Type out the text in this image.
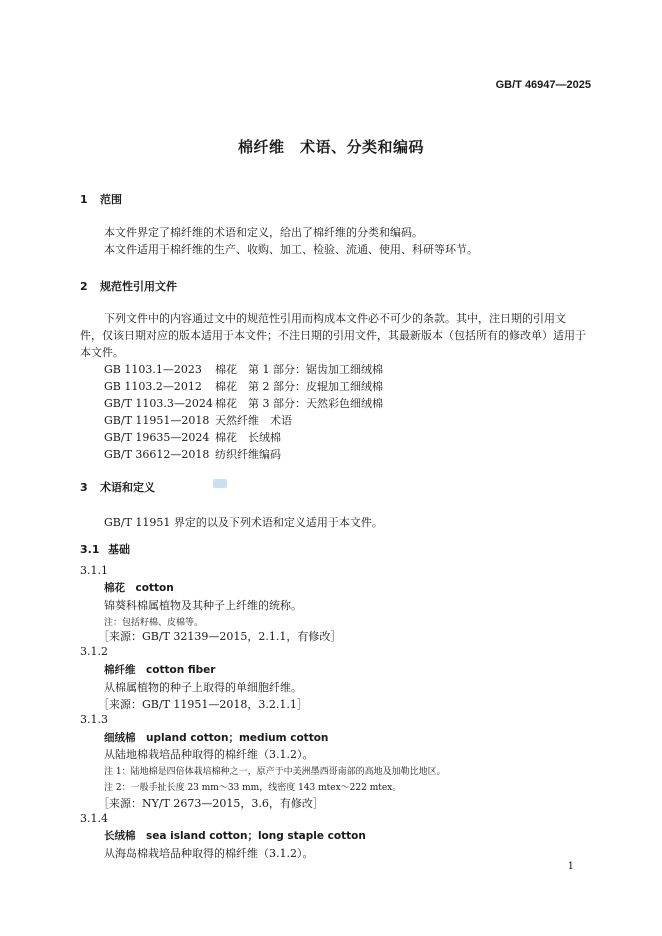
GB/T 46947—2025
棉纤维　术语、分类和编码
1 范围
本文件界定了棉纤维的术语和定义，给出了棉纤维的分类和编码。
本文件适用于棉纤维的生产、收购、加工、检验、流通、使用、科研等环节。
2 规范性引用文件
下列文件中的内容通过文中的规范性引用而构成本文件必不可少的条款。其中，注日期的引用文
件，仅该日期对应的版本适用于本文件；不注日期的引用文件，其最新版本（包括所有的修改单）适用于
本文件。
GB 1103.1—2023 棉花　第 1 部分：锯齿加工细绒棉
GB 1103.2—2012 棉花　第 2 部分：皮辊加工细绒棉
GB/T 1103.3—2024 棉花　第 3 部分：天然彩色细绒棉
GB/T 11951—2018 天然纤维　术语
GB/T 19635—2024 棉花　长绒棉
GB/T 36612—2018 纺织纤维编码
3 术语和定义
GB/T 11951 界定的以及下列术语和定义适用于本文件。
3.1 基础
3.1.1
棉花　cotton
锦葵科棉属植物及其种子上纤维的统称。
注：包括籽棉、皮棉等。
［来源：GB/T 32139—2015，2.1.1，有修改］
3.1.2
棉纤维　cotton fiber
从棉属植物的种子上取得的单细胞纤维。
［来源：GB/T 11951—2018，3.2.1.1］
3.1.3
细绒棉　upland cotton；medium cotton
从陆地棉栽培品种取得的棉纤维（3.1.2）。
注 1：陆地棉是四倍体栽培棉种之一，原产于中美洲墨西哥南部的高地及加勒比地区。
注 2：一般手扯长度 23 mm～33 mm，线密度 143 mtex～222 mtex。
［来源：NY/T 2673—2015，3.6，有修改］
3.1.4
长绒棉　sea island cotton；long staple cotton
从海岛棉栽培品种取得的棉纤维（3.1.2）。
1
